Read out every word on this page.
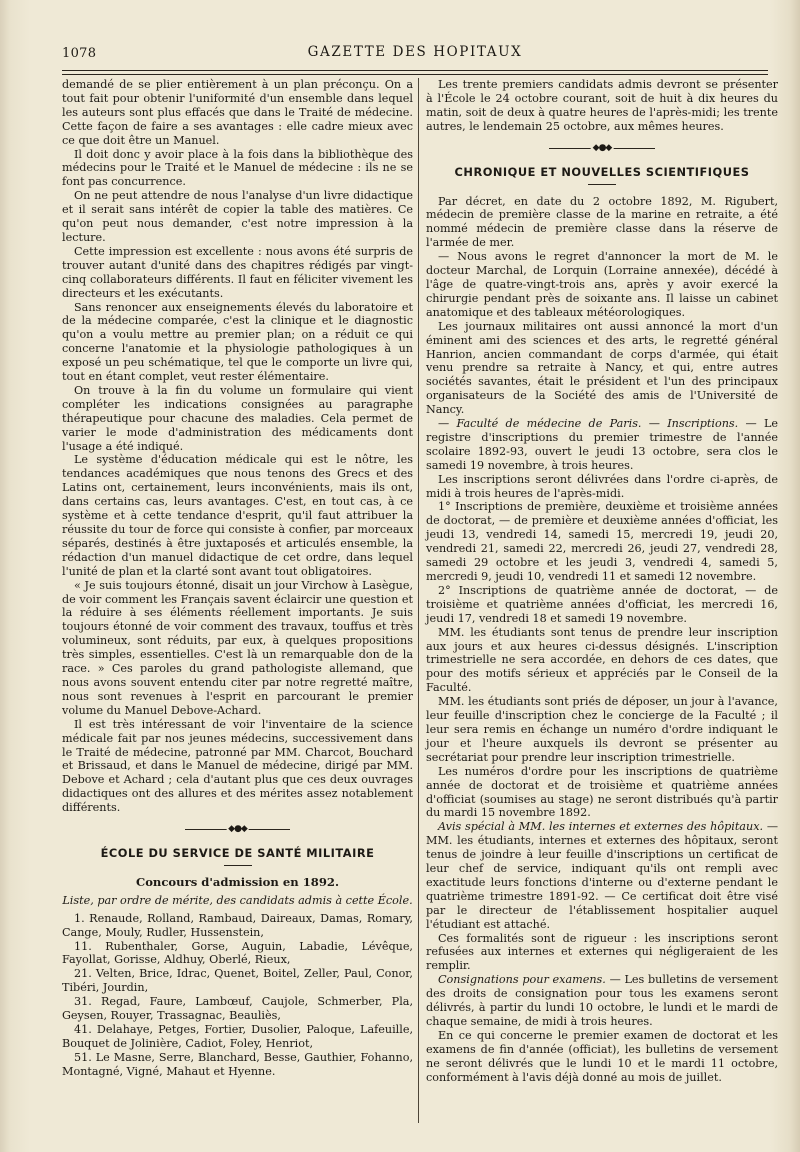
1078	GAZETTE DES HOPITAUX

demandé de se plier entièrement à un plan préconçu. On a tout fait pour obtenir l'uniformité d'un ensemble dans lequel les auteurs sont plus effacés que dans le Traité de médecine. Cette façon de faire a ses avantages : elle cadre mieux avec ce que doit être un Manuel.

Il doit donc y avoir place à la fois dans la bibliothèque des médecins pour le Traité et le Manuel de médecine : ils ne se font pas concurrence.

On ne peut attendre de nous l'analyse d'un livre didactique et il serait sans intérêt de copier la table des matières. Ce qu'on peut nous demander, c'est notre impression à la lecture.

Cette impression est excellente : nous avons été surpris de trouver autant d'unité dans des chapitres rédigés par vingt-cinq collaborateurs différents. Il faut en féliciter vivement les directeurs et les exécutants.

Sans renoncer aux enseignements élevés du laboratoire et de la médecine comparée, c'est la clinique et le diagnostic qu'on a voulu mettre au premier plan; on a réduit ce qui concerne l'anatomie et la physiologie pathologiques à un exposé un peu schématique, tel que le comporte un livre qui, tout en étant complet, veut rester élémentaire.

On trouve à la fin du volume un formulaire qui vient compléter les indications consignées au paragraphe thérapeutique pour chacune des maladies. Cela permet de varier le mode d'administration des médicaments dont l'usage a été indiqué.

Le système d'éducation médicale qui est le nôtre, les tendances académiques que nous tenons des Grecs et des Latins ont, certainement, leurs inconvénients, mais ils ont, dans certains cas, leurs avantages. C'est, en tout cas, à ce système et à cette tendance d'esprit, qu'il faut attribuer la réussite du tour de force qui consiste à confier, par morceaux séparés, destinés à être juxtaposés et articulés ensemble, la rédaction d'un manuel didactique de cet ordre, dans lequel l'unité de plan et la clarté sont avant tout obligatoires.

« Je suis toujours étonné, disait un jour Virchow à Lasègue, de voir comment les Français savent éclaircir une question et la réduire à ses éléments réellement importants. Je suis toujours étonné de voir comment des travaux, touffus et très volumineux, sont réduits, par eux, à quelques propositions très simples, essentielles. C'est là un remarquable don de la race. » Ces paroles du grand pathologiste allemand, que nous avons souvent entendu citer par notre regretté maître, nous sont revenues à l'esprit en parcourant le premier volume du Manuel Debove-Achard.

Il est très intéressant de voir l'inventaire de la science médicale fait par nos jeunes médecins, successivement dans le Traité de médecine, patronné par MM. Charcot, Bouchard et Brissaud, et dans le Manuel de médecine, dirigé par MM. Debove et Achard ; cela d'autant plus que ces deux ouvrages didactiques ont des allures et des mérites assez notablement différents.

◆●◆
ÉCOLE DU SERVICE DE SANTÉ MILITAIRE
Concours d'admission en 1892.
Liste, par ordre de mérite, des candidats admis à cette École.

1. Renaude, Rolland, Rambaud, Daireaux, Damas, Romary, Cange, Mouly, Rudler, Hussenstein,

11. Rubenthaler, Gorse, Auguin, Labadie, Lévêque, Fayollat, Gorisse, Aldhuy, Oberlé, Rieux,

21. Velten, Brice, Idrac, Quenet, Boitel, Zeller, Paul, Conor, Tibéri, Jourdin,

31. Regad, Faure, Lambœuf, Caujole, Schmerber, Pla, Geysen, Rouyer, Trassagnac, Beauliès,

41. Delahaye, Petges, Fortier, Dusolier, Paloque, Lafeuille, Bouquet de Jolinière, Cadiot, Foley, Henriot,

51. Le Masne, Serre, Blanchard, Besse, Gauthier, Fohanno, Montagné, Vigné, Mahaut et Hyenne.

Les trente premiers candidats admis devront se présenter à l'École le 24 octobre courant, soit de huit à dix heures du matin, soit de deux à quatre heures de l'après-midi; les trente autres, le lendemain 25 octobre, aux mêmes heures.

◆●◆
CHRONIQUE ET NOUVELLES SCIENTIFIQUES

Par décret, en date du 2 octobre 1892, M. Rigubert, médecin de première classe de la marine en retraite, a été nommé médecin de première classe dans la réserve de l'armée de mer.

— Nous avons le regret d'annoncer la mort de M. le docteur Marchal, de Lorquin (Lorraine annexée), décédé à l'âge de quatre-vingt-trois ans, après y avoir exercé la chirurgie pendant près de soixante ans. Il laisse un cabinet anatomique et des tableaux météorologiques.

Les journaux militaires ont aussi annoncé la mort d'un éminent ami des sciences et des arts, le regretté général Hanrion, ancien commandant de corps d'armée, qui était venu prendre sa retraite à Nancy, et qui, entre autres sociétés savantes, était le président et l'un des principaux organisateurs de la Société des amis de l'Université de Nancy.

— Faculté de médecine de Paris. — Inscriptions. — Le registre d'inscriptions du premier trimestre de l'année scolaire 1892-93, ouvert le jeudi 13 octobre, sera clos le samedi 19 novembre, à trois heures.

Les inscriptions seront délivrées dans l'ordre ci-après, de midi à trois heures de l'après-midi.

1° Inscriptions de première, deuxième et troisième années de doctorat, — de première et deuxième années d'officiat, les jeudi 13, vendredi 14, samedi 15, mercredi 19, jeudi 20, vendredi 21, samedi 22, mercredi 26, jeudi 27, vendredi 28, samedi 29 octobre et les jeudi 3, vendredi 4, samedi 5, mercredi 9, jeudi 10, vendredi 11 et samedi 12 novembre.

2° Inscriptions de quatrième année de doctorat, — de troisième et quatrième années d'officiat, les mercredi 16, jeudi 17, vendredi 18 et samedi 19 novembre.

MM. les étudiants sont tenus de prendre leur inscription aux jours et aux heures ci-dessus désignés. L'inscription trimestrielle ne sera accordée, en dehors de ces dates, que pour des motifs sérieux et appréciés par le Conseil de la Faculté.

MM. les étudiants sont priés de déposer, un jour à l'avance, leur feuille d'inscription chez le concierge de la Faculté ; il leur sera remis en échange un numéro d'ordre indiquant le jour et l'heure auxquels ils devront se présenter au secrétariat pour prendre leur inscription trimestrielle.

Les numéros d'ordre pour les inscriptions de quatrième année de doctorat et de troisième et quatrième années d'officiat (soumises au stage) ne seront distribués qu'à partir du mardi 15 novembre 1892.

Avis spécial à MM. les internes et externes des hôpitaux. — MM. les étudiants, internes et externes des hôpitaux, seront tenus de joindre à leur feuille d'inscriptions un certificat de leur chef de service, indiquant qu'ils ont rempli avec exactitude leurs fonctions d'interne ou d'externe pendant le quatrième trimestre 1891-92. — Ce certificat doit être visé par le directeur de l'établissement hospitalier auquel l'étudiant est attaché.

Ces formalités sont de rigueur : les inscriptions seront refusées aux internes et externes qui négligeraient de les remplir.

Consignations pour examens. — Les bulletins de versement des droits de consignation pour tous les examens seront délivrés, à partir du lundi 10 octobre, le lundi et le mardi de chaque semaine, de midi à trois heures.

En ce qui concerne le premier examen de doctorat et les examens de fin d'année (officiat), les bulletins de versement ne seront délivrés que le lundi 10 et le mardi 11 octobre, conformément à l'avis déjà donné au mois de juillet.
